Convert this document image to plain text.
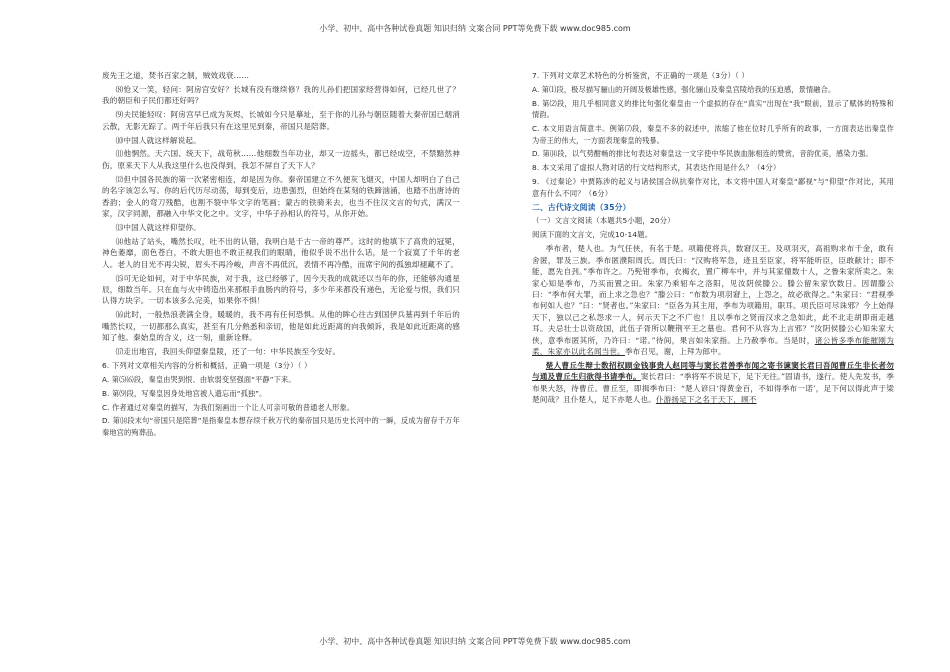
小学、初中、高中各种试卷真题 知识归纳 文案合同 PPT等免费下载 www.doc985.com

废先王之道，焚书百家之制，贼效戏衰……

⑻怆又一笑，轻问：阿房宫安好？长城有没有继续修？我的儿孙们把国家经营得如何，已经几世了？我的朝臣和子民们都还好吗？

⑼夫民能轻叹：阿房宫早已成为灰烬，长城如今只是摹址，至于你的儿孙与朝臣随着大秦帝国已烟消云散，无影无踪了。两千年后我只有在这里见到秦，帝国只是陪葬。

⑽中国人就这样解说起。

⑾他惘然。天六国、统天下，战苟秋……他细数当年功业，却又一边摇头，都已经成空，不禁黯然神伤，原来天下人从我这里什么也没得到，我怎不屏自了天下人？

⑿但中国各民族的第一次紧密相连，却是因为你。秦帝国建立不久便灰飞烟灭，中国人却明白了自己的名字该怎么写。你的后代历尽动荡，每到变后，边患强烈，但始终在某刻的铁蹄汹涌，也踏不出唐诗的香韵；金人的弯刀残酷，也割不裂中华文字的笔画；蒙古的铁骑来去，也当不住汉文言的句式，满汉一家，汉字同源，都融入中华文化之中。文字，中华子孙相认的符号，从你开始。

⒀中国人就这样仰望你。

⒁他站了站头，嘴然长叹，吐不出的认错，我明白是千古一帝的尊严。这时的他填下了高贵的冠冕，神色萎靡，面色苍白，不敢大胆也不敢正视我们的眼睛，他似乎说不出什么话，是一个寂寞了千年的老人。老人的目光不再尖锐，眉头不再冷峻，声音不再低沉，表情不再冷酷，而席宇间的孤独却褪藏不了。

⒂可无论如何，对于中华民族，对于我，这已经够了，因今天我的成就还以当年的你，还能够沟通星辰，细数当年。只在血与火中铸造出来那根手血肠内的符号，多少年来都没有递色，无论爱与恨，我们只认得方块字。一切本该多么完美，如果你不惧！

⒃此时，一般热浪袭满全身，暖暖的，我不再有任何恐惧。从他的眸心往古到国伊兵墓再到千年后的嘴然长叹，一切都那么真实，甚至有几分熟悉和亲切，他是如此近距离的向我倾诉，我是如此近距离的感知了他。秦始皇的含义，这一刻，重新诠释。

⒄走出地宫，我回头仰望秦皇陵，还了一句：中华民族至今安好。

6. 下列对文章相关内容的分析和概括，正确一项是（3分）（ ）

A. 第⑸⑹段，秦皇由哭到恨、由软弱变坚强面“平静”下来。

B. 第⑼段，写秦皇因身处地宫被人遗忘而“孤独”。

C. 作者通过对秦皇的描写，为我们刻画出一个让人可亲可敬的普通老人形象。

D. 第⒁段末句“帝国只是陪葬”是指秦皇本想存续千秋万代的秦帝国只是历史长河中的一瞬，反成为留存千万年秦地宫的殉葬品。

7. 下列对文章艺术特色的分析鉴赏，不正确的一项是（3分）（ ）

A. 第⑴段，极尽描写骊山的开阔及极雄性感，强化骊山及秦皇宫陵给我的压迫感，景情融合。

B. 第⑵段，用几乎相同意义的排比句强化秦皇由一个虚拟的存在“真实”出现在“我”眼前，显示了赋体的特殊和情韵。

C. 本文用语言简意丰。例第⑺段，秦皇不多的叙述中，浓缩了他在位时几乎所有的政事，一方面表达出秦皇作为帝王的伟大，一方面表现秦皇的残暴。

D. 第⒁段，以气势酣畅的排比句表达对秦皇这一文字使中华民族血脉相连的赞赏，音韵优美，感染力强。

8. 本文采用了虚拟人物对话的行文结构形式，其表达作用是什么？（4分）

9. 《过秦论》中贾陈涉的起义与诸侯国合纵抗秦作对比，本文将中国人对秦皇“鄙视”与“仰望”作对比，其用意有什么不同？（6分）

二、古代诗文阅读（35分）

（一）文言文阅读（本题共5小题，20分）

阅读下面的文言文，完成10-14题。

季布者，楚人也。为气任侠，有名于楚。项籍使将兵，数窘汉王。及项羽灭，高祖购求布千金，敢有舍匿，罪及三族。季布匿濮阳周氏。周氏曰：“汉购将军急，迹且至臣家，将军能听臣，臣敢献计；即不能，愿先自刭。”季布许之。乃髡钳季布，衣褐衣，置广柳车中，并与其家僮数十人，之鲁朱家所卖之。朱家心知是季布，乃买而置之田。朱家乃乘轺车之洛阳，见汝阴侯滕公。滕公留朱家饮数日。因谓滕公曰：“季布何大罪，而上求之急也？”滕公曰：“布数为项羽窘上，上怨之，故必欲得之。”朱家曰：“君视季布何如人也？”曰：“贤者也。”朱家曰：“臣各为其主用，季布为项籍用，职耳。项氏臣可尽诛邪？今上始得天下，独以己之私怨求一人，何示天下之不广也！且以季布之贤而汉求之急如此，此不北走胡即南走越耳。夫忌壮士以资敌国，此伍子胥所以鞭荆平王之墓也。君何不从容为上言邪？”汝阴侯滕公心知朱家大侠，意季布匿其所，乃许曰：“诺。”待间，果言如朱家指。上乃赦季布。当是时，诸公皆多季布能摧刚为柔，朱家亦以此名闻当世。季布召见，谢，上拜为郎中。

楚人曹丘生辩士数招权顾金钱事贵人赵同等与窦长君善季布闻之寄书谏窦长君曰吾闻曹丘生非长者勿与通及曹丘生归欲得书请季布。窦长君曰：“季将军不说足下，足下无往。”固请书，遂行。使人先发书，季布果大怒，待曹丘。曹丘至，即揖季布曰：“楚人谚曰‘得黄金百，不如得季布一诺’，足下何以得此声于梁楚间哉？且仆楚人，足下亦楚人也。仆游扬足下之名于天下，顾不

小学、初中、高中各种试卷真题 知识归纳 文案合同 PPT等免费下载 www.doc985.com
